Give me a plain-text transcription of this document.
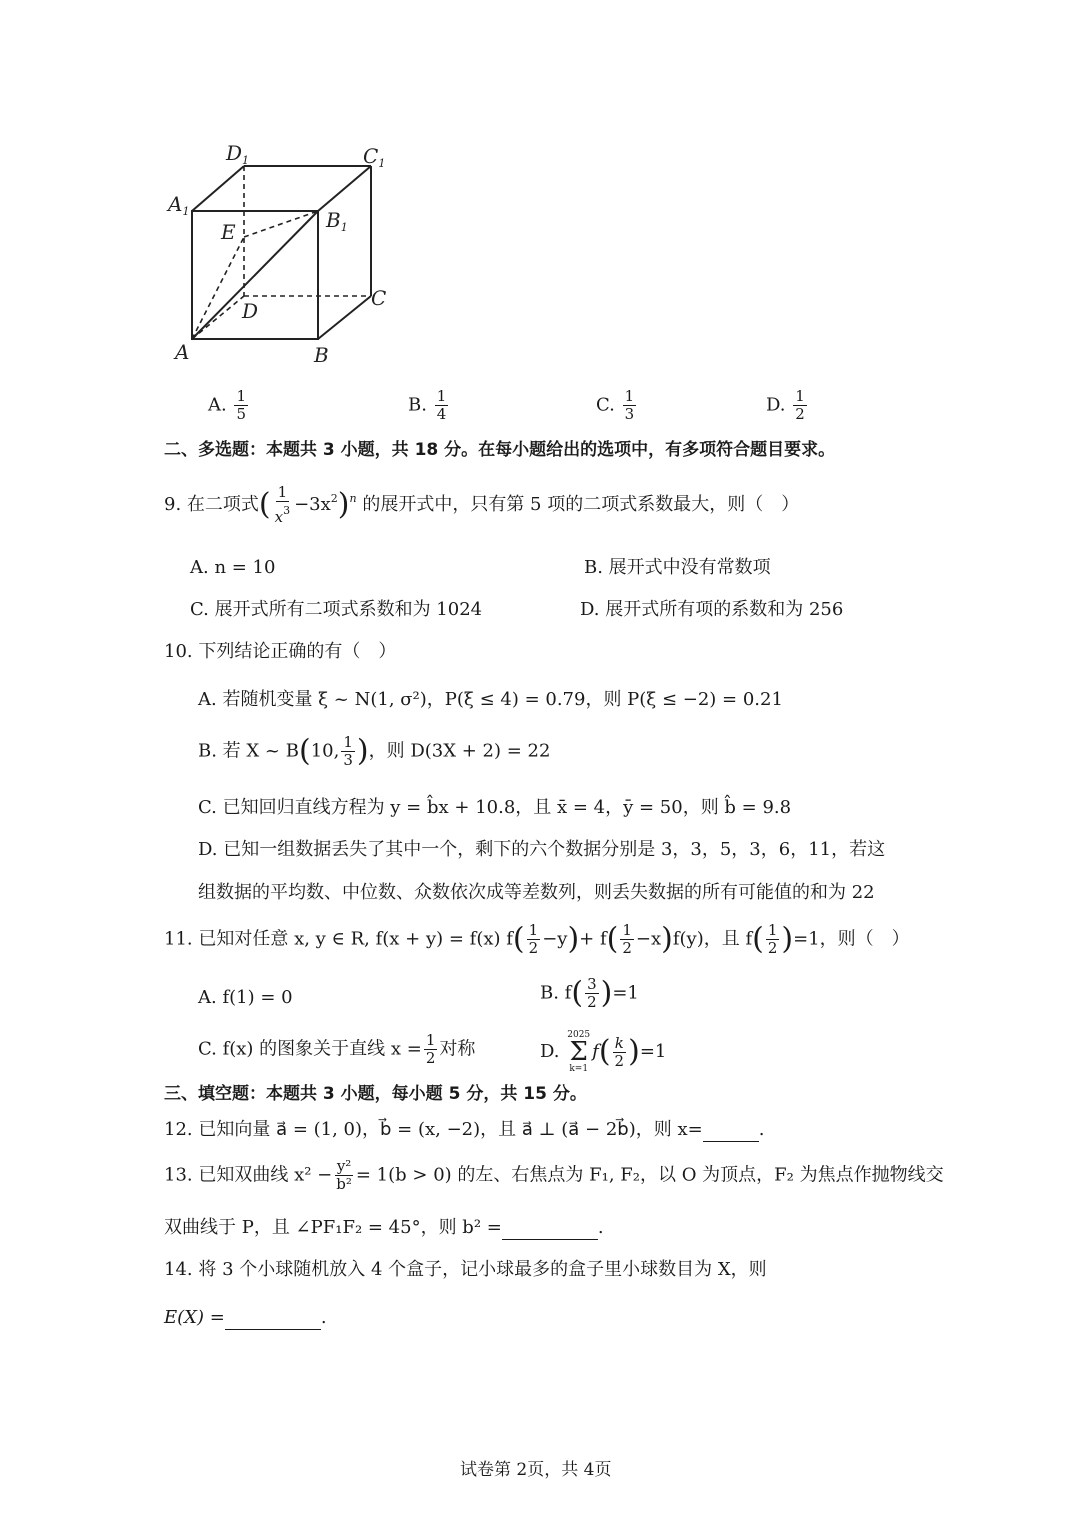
$D_1$	$C_1$
$A_1$	$B_1$
E
D
C
A	B
A. $\frac{1}{5}$	B. $\frac{1}{4}$	C. $\frac{1}{3}$	D. $\frac{1}{2}$
二、多选题：本题共 3 小题，共 18 分。在每小题给出的选项中，有多项符合题目要求。
9. 在二项式( $\frac{1}{x^3} -3x^2)^n$ 的展开式中，只有第 5 项的二项式系数最大，则（　）
A. n = 10	B. 展开式中没有常数项
C. 展开式所有二项式系数和为 1024	D. 展开式所有项的系数和为 256
10. 下列结论正确的有（　）
A. 若随机变量 ξ ~ N(1, σ²)，P(ξ ≤ 4) = 0.79，则 P(ξ ≤ −2) = 0.21
B. 若 X ~ B(10, $\frac{1}{3}$ )，则 D(3X + 2) = 22
C. 已知回归直线方程为 y = b̂x + 10.8，且 x̄ = 4，ȳ = 50，则 b̂ = 9.8
D. 已知一组数据丢失了其中一个，剩下的六个数据分别是 3，3，5，3，6，11，若这
组数据的平均数、中位数、众数依次成等差数列，则丢失数据的所有可能值的和为 22
11. 已知对任意 x, y ∈ R, f(x + y) = f(x) $f( \frac{1}{2} -y)+ f( \frac{1}{2} -x)f(y)$，且 $f( \frac{1}{2} )=1$，则（　）
A. f(1) = 0	B. $f( \frac{3}{2} )=1$
C. f(x) 的图象关于直线 $x = \frac{1}{2}$ 对称	D.
2025
Σ
k=1
$f( \frac{k}{2} )=1$
三、填空题：本题共 3 小题，每小题 5 分，共 15 分。
12. 已知向量 a⃗ = (1, 0)，b⃗ = (x, −2)，且 a⃗ ⊥ (a⃗ − 2b⃗)，则 x=	.
13. 已知双曲线 $x^2 - \frac{\text{y²}}{\text{b²}} = 1(b > 0)$ 的左、右焦点为 F₁, F₂，以 O 为顶点，F₂ 为焦点作抛物线交
双曲线于 P，且 ∠PF₁F₂ = 45°，则 b² =	.
14. 将 3 个小球随机放入 4 个盒子，记小球最多的盒子里小球数目为 X，则
E(X) =	.
试卷第 2页，共 4页
